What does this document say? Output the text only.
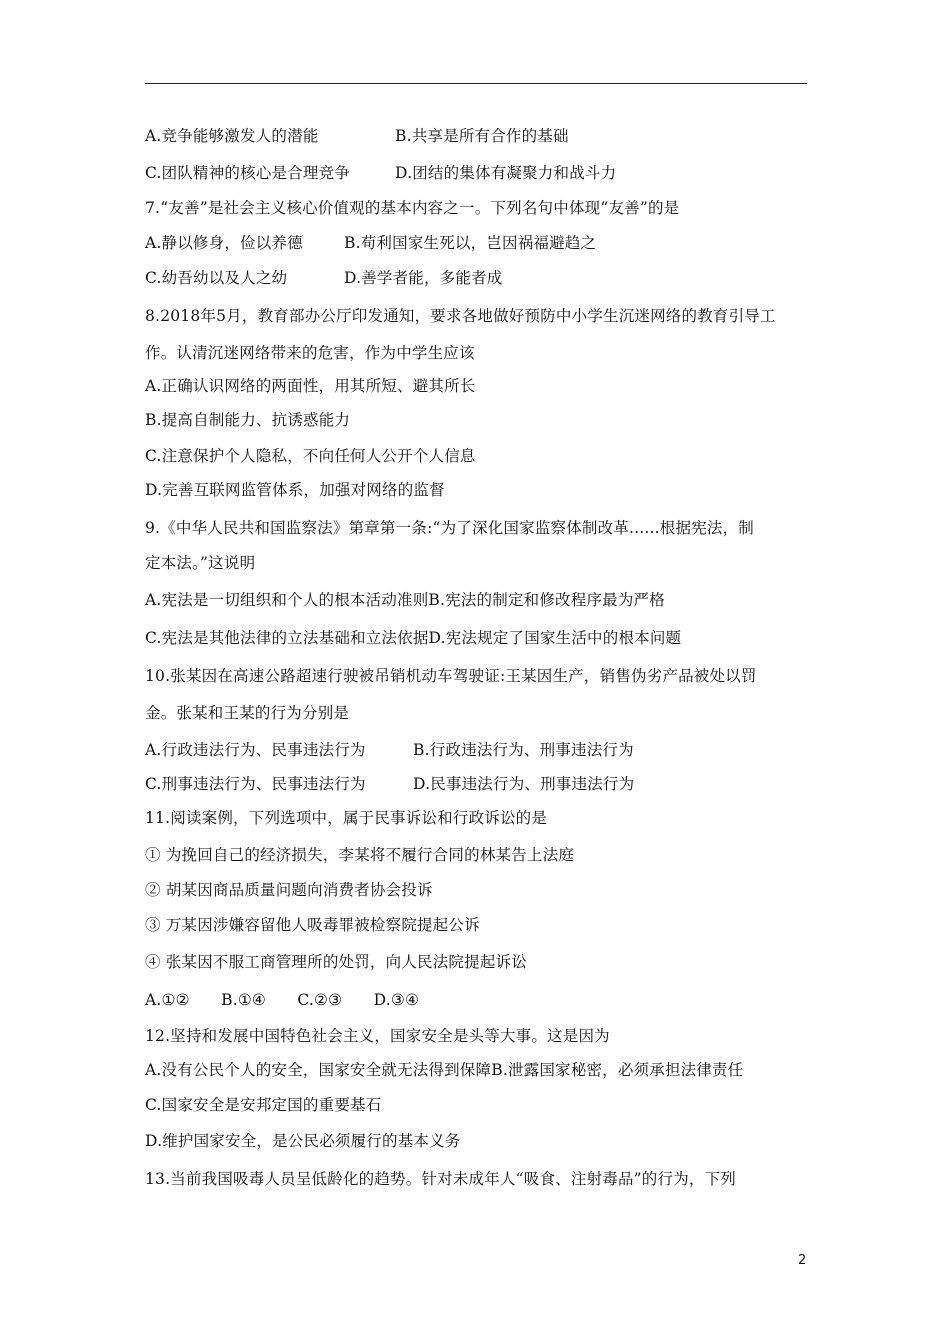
A.竞争能够激发人的潜能	B.共享是所有合作的基础
C.团队精神的核心是合理竞争	D.团结的集体有凝聚力和战斗力
7.“友善”是社会主义核心价值观的基本内容之一。下列名句中体现“友善”的是
A.静以修身，俭以养德	B.苟利国家生死以，岂因祸福避趋之
C.幼吾幼以及人之幼	D.善学者能，多能者成
8.2018年5月，教育部办公厅印发通知，要求各地做好预防中小学生沉迷网络的教育引导工
作。认清沉迷网络带来的危害，作为中学生应该
A.正确认识网络的两面性，用其所短、避其所长
B.提高自制能力、抗诱惑能力
C.注意保护个人隐私，不向任何人公开个人信息
D.完善互联网监管体系，加强对网络的监督
9.《中华人民共和国监察法》第章第一条:“为了深化国家监察体制改革......根据宪法，制
定本法。”这说明
A.宪法是一切组织和个人的根本活动准则B.宪法的制定和修改程序最为严格
C.宪法是其他法律的立法基础和立法依据D.宪法规定了国家生活中的根本问题
10.张某因在高速公路超速行驶被吊销机动车驾驶证:王某因生产，销售伪劣产品被处以罚
金。张某和王某的行为分别是
A.行政违法行为、民事违法行为	B.行政违法行为、刑事违法行为
C.刑事违法行为、民事违法行为	D.民事违法行为、刑事违法行为
11.阅读案例，下列选项中，属于民事诉讼和行政诉讼的是
① 为挽回自己的经济损失，李某将不履行合同的林某告上法庭
② 胡某因商品质量问题向消费者协会投诉
③ 万某因涉嫌容留他人吸毒罪被检察院提起公诉
④ 张某因不服工商管理所的处罚，向人民法院提起诉讼
A.①②　　B.①④　　C.②③　　D.③④
12.坚持和发展中国特色社会主义，国家安全是头等大事。这是因为
A.没有公民个人的安全，国家安全就无法得到保障B.泄露国家秘密，必须承担法律责任
C.国家安全是安邦定国的重要基石
D.维护国家安全，是公民必须履行的基本义务
13.当前我国吸毒人员呈低龄化的趋势。针对未成年人“吸食、注射毒品”的行为，下列
2
